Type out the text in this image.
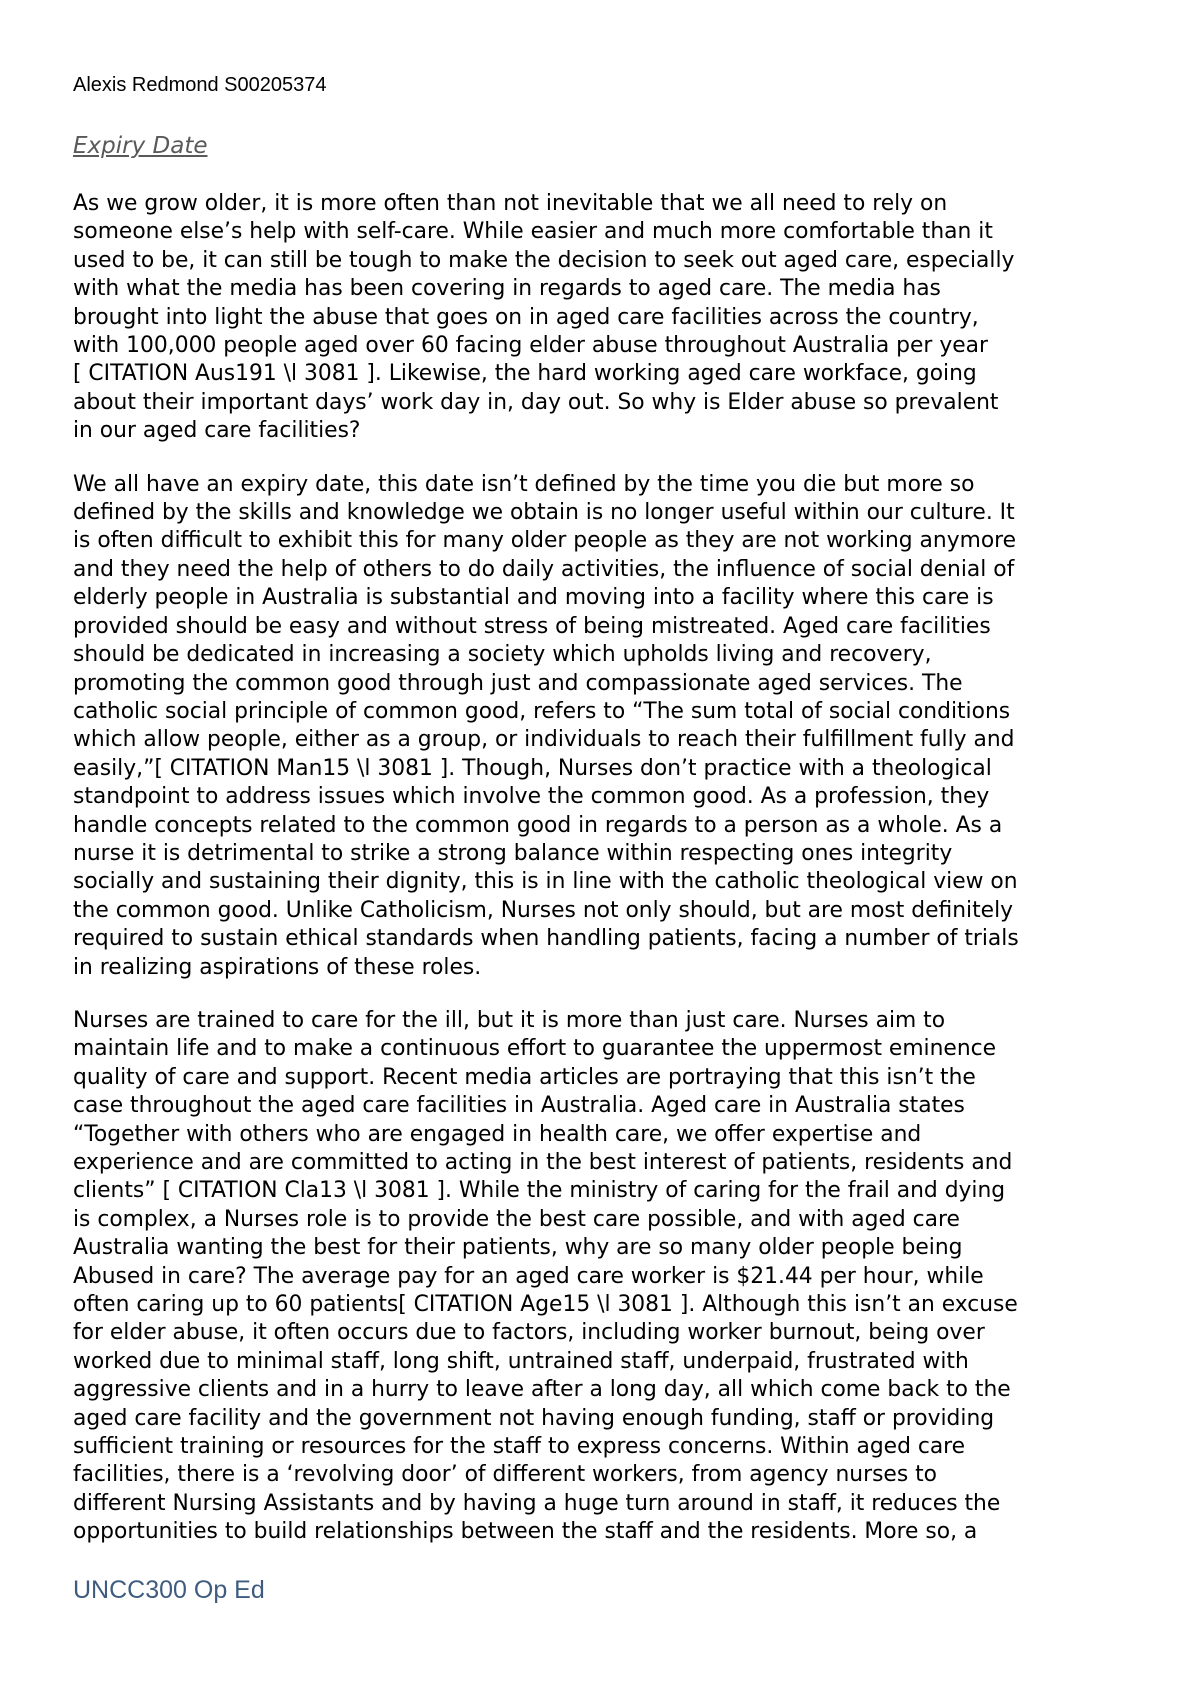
Alexis Redmond S00205374
Expiry Date
As we grow older, it is more often than not inevitable that we all need to rely on
someone else’s help with self-care. While easier and much more comfortable than it
used to be, it can still be tough to make the decision to seek out aged care, especially
with what the media has been covering in regards to aged care. The media has
brought into light the abuse that goes on in aged care facilities across the country,
with 100,000 people aged over 60 facing elder abuse throughout Australia per year
[ CITATION Aus191 \l 3081 ]. Likewise, the hard working aged care workface, going
about their important days’ work day in, day out. So why is Elder abuse so prevalent
in our aged care facilities?
We all have an expiry date, this date isn’t defined by the time you die but more so
defined by the skills and knowledge we obtain is no longer useful within our culture. It
is often difficult to exhibit this for many older people as they are not working anymore
and they need the help of others to do daily activities, the influence of social denial of
elderly people in Australia is substantial and moving into a facility where this care is
provided should be easy and without stress of being mistreated. Aged care facilities
should be dedicated in increasing a society which upholds living and recovery,
promoting the common good through just and compassionate aged services. The
catholic social principle of common good, refers to “The sum total of social conditions
which allow people, either as a group, or individuals to reach their fulfillment fully and
easily,”[ CITATION Man15 \l 3081 ]. Though, Nurses don’t practice with a theological
standpoint to address issues which involve the common good. As a profession, they
handle concepts related to the common good in regards to a person as a whole. As a
nurse it is detrimental to strike a strong balance within respecting ones integrity
socially and sustaining their dignity, this is in line with the catholic theological view on
the common good. Unlike Catholicism, Nurses not only should, but are most definitely
required to sustain ethical standards when handling patients, facing a number of trials
in realizing aspirations of these roles.
Nurses are trained to care for the ill, but it is more than just care. Nurses aim to
maintain life and to make a continuous effort to guarantee the uppermost eminence
quality of care and support. Recent media articles are portraying that this isn’t the
case throughout the aged care facilities in Australia. Aged care in Australia states
“Together with others who are engaged in health care, we offer expertise and
experience and are committed to acting in the best interest of patients, residents and
clients” [ CITATION Cla13 \l 3081 ]. While the ministry of caring for the frail and dying
is complex, a Nurses role is to provide the best care possible, and with aged care
Australia wanting the best for their patients, why are so many older people being
Abused in care? The average pay for an aged care worker is $21.44 per hour, while
often caring up to 60 patients[ CITATION Age15 \l 3081 ]. Although this isn’t an excuse
for elder abuse, it often occurs due to factors, including worker burnout, being over
worked due to minimal staff, long shift, untrained staff, underpaid, frustrated with
aggressive clients and in a hurry to leave after a long day, all which come back to the
aged care facility and the government not having enough funding, staff or providing
sufficient training or resources for the staff to express concerns. Within aged care
facilities, there is a ‘revolving door’ of different workers, from agency nurses to
different Nursing Assistants and by having a huge turn around in staff, it reduces the
opportunities to build relationships between the staff and the residents. More so, a
UNCC300 Op Ed
